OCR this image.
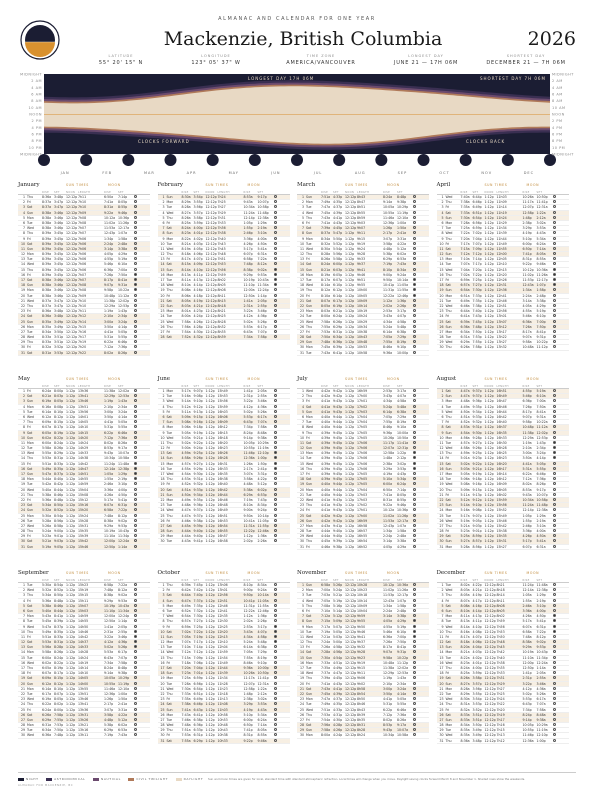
ALMANAC AND CALENDAR FOR ONE YEAR
Mackenzie, British Columbia	2026
LATITUDE
55° 20' 15" N
LONGITUDE
123° 05' 37" W
TIME ZONE
AMERICA/VANCOUVER
LONGEST DAY
JUNE 21 — 17H 06M
SHORTEST DAY
DECEMBER 21 — 7H 06M
MIDNIGHT
2 AM
4 AM
6 AM
8 AM
10 AM
NOON
2 PM
4 PM
6 PM
8 PM
10 PM
MIDNIGHT
MIDNIGHT
2 AM
4 AM
6 AM
8 AM
10 AM
NOON
2 PM
4 PM
6 PM
8 PM
10 PM
MIDNIGHT
JAN	FEB	MAR	APR	MAY	JUN	JUL	AUG	SEP	OCT	NOV	DEC
LONGEST DAY 17H 06M	SHORTEST DAY 7H 06M
CLOCKS FORWARD	CLOCKS BACK
January	SUN TIMES	MOON
RISE SET NOON LENGTH	RISE	SET
1 Thu	8:36a 3:48p 12:12p 7h11	6:50a 7:14p
2 Fri	8:37a 3:47p 12:12p 7h10	7:41a 8:05p
3 Sat	8:37a 3:47p 12:12p 7h10	8:31a 8:55p
4 Sun	8:38a 3:46p 12:12p 7h09	9:22a 9:46p
5 Mon	8:38a 3:46p 12:12p 7h08	10:12a 10:36p
6 Tue	8:38a 3:46p 12:12p 7h08	11:02a 11:26p
7 Wed	8:38a 3:46p 12:12p 7h07	11:53a 12:17a
8 Thu	8:39a 3:45p 12:12p 7h07	12:43p 1:07a
9 Fri	8:39a 3:45p 12:12p 7h06	1:34p 1:58a
10 Sat	8:39a 3:45p 12:12p 7h06	2:24p 2:48a
11 Sun	8:39a 3:45p 12:12p 7h06	3:14p 3:38a
12 Mon	8:39a 3:45p 12:12p 7h06	4:05p 4:29a
13 Tue	8:39a 3:45p 12:12p 7h06	4:55p 5:19a
14 Wed	8:39a 3:45p 12:12p 7h06	5:46p 6:10a
15 Thu	8:39a 3:45p 12:12p 7h06	6:36p 7:00a
16 Fri	8:39a 3:45p 12:12p 7h07	7:26p 7:50a
17 Sat	8:38a 3:46p 12:12p 7h07	8:17p 8:41a
18 Sun	8:38a 3:46p 12:12p 7h08	9:07p 9:31a
19 Mon	8:38a 3:46p 12:12p 7h08	9:58p 10:22a
20 Tue	8:38a 3:46p 12:12p 7h09	10:48p 11:12a
21 Wed	8:37a 3:47p 12:12p 7h10	11:38p 12:02p
22 Thu	8:37a 3:47p 12:12p 7h10	12:29a 12:53p
23 Fri	8:36a 3:48p 12:12p 7h11	1:19a 1:43p
24 Sat	8:36a 3:48p 12:12p 7h12	2:10a 2:34p
25 Sun	8:35a 3:49p 12:12p 7h14	3:00a 3:24p
26 Mon	8:35a 3:49p 12:12p 7h15	3:50a 4:14p
27 Tue	8:34a 3:50p 12:12p 7h16	4:41a 5:05p
28 Wed	8:33a 3:51p 12:12p 7h17	5:31a 5:55p
29 Thu	8:33a 3:51p 12:12p 7h19	6:22a 6:46p
30 Fri	8:32a 3:52p 12:12p 7h20	7:12a 7:36p
31 Sat	8:31a 3:53p 12:12p 7h22	8:02a 8:26p
February	SUN TIMES	MOON
RISE SET NOON LENGTH	RISE	SET
1 Sun	8:30a 3:54p 12:12p 7h24	8:53a 9:17p
2 Mon	8:29a 3:55p 12:12p 7h25	9:43a 10:07p
3 Tue	8:28a 3:56p 12:12p 7h27	10:34a 10:58p
4 Wed	8:27a 3:57p 12:12p 7h29	11:24a 11:48p
5 Thu	8:26a 3:58p 12:12p 7h31	12:14p 12:38a
6 Fri	8:25a 3:59p 12:12p 7h33	1:05p 1:29a
7 Sat	8:24a 4:00p 12:12p 7h36	1:55p 2:19a
8 Sun	8:23a 4:01p 12:12p 7h38	2:46p 3:10a
9 Mon	8:22a 4:02p 12:12p 7h40	3:36p 4:00a
10 Tue	8:21a 4:03p 12:12p 7h43	4:26p 4:50a
11 Wed	8:19a 4:05p 12:12p 7h45	5:17p 5:41a
12 Thu	8:18a 4:06p 12:12p 7h48	6:07p 6:31a
13 Fri	8:17a 4:07p 12:12p 7h51	6:58p 7:22a
14 Sat	8:15a 4:09p 12:12p 7h53	7:48p 8:12a
15 Sun	8:14a 4:10p 12:12p 7h56	8:38p 9:02a
16 Mon	8:13a 4:11p 12:12p 7h59	9:29p 9:53a
17 Tue	8:11a 4:13p 12:12p 8h02	10:19p 10:43a
18 Wed	8:10a 4:14p 12:12p 8h05	11:10p 11:34a
19 Thu	8:08a 4:16p 12:12p 8h08	12:00a 12:24p
20 Fri	8:06a 4:18p 12:12p 8h11	12:50a 1:14p
21 Sat	8:05a 4:19p 12:12p 8h15	1:41a 2:05p
22 Sun	8:03a 4:21p 12:12p 8h18	2:31a 2:55p
23 Mon	8:01a 4:23p 12:12p 8h21	3:22a 3:46p
24 Tue	8:00a 4:24p 12:12p 8h25	4:12a 4:36p
25 Wed	7:58a 4:26p 12:12p 8h28	5:02a 5:26p
26 Thu	7:56a 4:28p 12:12p 8h32	5:53a 6:17p
27 Fri	7:54a 4:30p 12:12p 8h35	6:43a 7:07p
28 Sat	7:52a 4:32p 12:12p 8h39	7:34a 7:58p
March	SUN TIMES	MOON
RISE SET NOON LENGTH	RISE	SET
1 Sun	7:51a 4:33p 12:12p 8h43	8:24a 8:48p
2 Mon	7:49a 4:35p 12:12p 8h47	9:14a 9:38p
3 Tue	7:47a 4:37p 12:12p 8h51	10:05a 10:29p
4 Wed	7:45a 4:39p 12:12p 8h55	10:55a 11:19p
5 Thu	7:43a 4:41p 12:12p 8h59	11:46a 12:10a
6 Fri	7:41a 4:43p 12:12p 9h03	12:36p 1:00a
7 Sat	7:39a 4:45p 12:12p 9h07	1:26p 1:50a
8 Sun	8:37a 5:47p 1:12p 9h11	2:17p 2:41a
9 Mon	8:34a 5:50p 1:12p 9h15	3:07p 3:31a
10 Tue	8:32a 5:52p 1:12p 9h19	3:58p 4:22a
11 Wed	8:30a 5:54p 1:12p 9h24	4:48p 5:12a
12 Thu	8:28a 5:56p 1:12p 9h28	5:38p 6:02a
13 Fri	8:26a 5:58p 1:12p 9h33	6:29p 6:53a
14 Sat	8:24a 6:00p 1:12p 9h37	7:19p 7:43a
15 Sun	8:21a 6:03p 1:12p 9h41	8:10p 8:34a
16 Mon	8:19a 6:05p 1:12p 9h46	9:00p 9:24a
17 Tue	8:17a 6:07p 1:12p 9h51	9:50p 10:14a
18 Wed	8:14a 6:10p 1:12p 9h55	10:41p 11:05a
19 Thu	8:12a 6:12p 1:12p 10h00	11:31p 11:55a
20 Fri	8:10a 6:14p 1:12p 10h05	12:22a 12:46p
21 Sat	8:07a 6:17p 1:12p 10h09	1:12a 1:36p
22 Sun	8:05a 6:19p 1:12p 10h14	2:02a 2:26p
23 Mon	8:03a 6:21p 1:12p 10h19	2:53a 3:17p
24 Tue	8:00a 6:24p 1:12p 10h24	3:43a 4:07p
25 Wed	7:58a 6:26p 1:12p 10h29	4:34a 4:58p
26 Thu	7:55a 6:29p 1:12p 10h34	5:24a 5:48p
27 Fri	7:53a 6:31p 1:12p 10h38	6:14a 6:38p
28 Sat	7:50a 6:34p 1:12p 10h43	7:05a 7:29p
29 Sun	7:48a 6:36p 1:12p 10h48	7:55a 8:19p
30 Mon	7:45a 6:39p 1:12p 10h53	8:46a 9:10p
31 Tue	7:43a 6:41p 1:12p 10h58	9:36a 10:00p
April	SUN TIMES	MOON
RISE SET NOON LENGTH	RISE	SET
1 Wed	7:40a 6:44p 1:12p 11h03	10:26a 10:50p
2 Thu	7:38a 6:46p 1:12p 11h09	11:17a 11:41p
3 Fri	7:35a 6:49p 1:12p 11h14	12:07p 12:31a
4 Sat	7:33a 6:51p 1:12p 11h19	12:58p 1:22a
5 Sun	7:30a 6:54p 1:12p 11h24	1:48p 2:12a
6 Mon	7:28a 6:56p 1:12p 11h29	2:38p 3:02a
7 Tue	7:25a 6:59p 1:12p 11h34	3:29p 3:53a
8 Wed	7:22a 7:02p 1:12p 11h39	4:19p 4:43a
9 Thu	7:20a 7:04p 1:12p 11h44	5:10p 5:34a
10 Fri	7:17a 7:07p 1:12p 11h49	6:00p 6:24a
11 Sat	7:15a 7:09p 1:12p 11h55	6:50p 7:14a
12 Sun	7:12a 7:12p 1:12p 12h00	7:41p 8:05a
13 Mon	7:10a 7:14p 1:12p 12h05	8:31p 8:55a
14 Tue	7:07a 7:17p 1:12p 12h10	9:22p 9:46a
15 Wed	7:04a 7:20p 1:12p 12h15	10:12p 10:36a
16 Thu	7:02a 7:22p 1:12p 12h20	11:02p 11:26a
17 Fri	6:59a 7:25p 1:12p 12h26	11:53p 12:17p
18 Sat	6:57a 7:27p 1:12p 12h31	12:43a 1:07p
19 Sun	6:54a 7:30p 1:12p 12h36	1:34a 1:58p
20 Mon	6:51a 7:33p 1:12p 12h41	2:24a 2:48p
21 Tue	6:49a 7:35p 1:12p 12h46	3:14a 3:38p
22 Wed	6:46a 7:38p 1:12p 12h51	4:05a 4:29p
23 Thu	6:44a 7:40p 1:12p 12h56	4:55a 5:19p
24 Fri	6:41a 7:43p 1:12p 13h01	5:46a 6:10p
25 Sat	6:39a 7:45p 1:12p 13h07	6:36a 7:00p
26 Sun	6:36a 7:48p 1:12p 13h12	7:26a 7:50p
27 Mon	6:34a 7:50p 1:12p 13h17	8:17a 8:41p
28 Tue	6:31a 7:53p 1:12p 13h22	9:07a 9:31p
29 Wed	6:29a 7:55p 1:12p 13h27	9:58a 10:22p
30 Thu	6:26a 7:58p 1:12p 13h32	10:48a 11:12p
May	SUN TIMES	MOON
RISE SET NOON LENGTH	RISE	SET
1 Fri	6:24a 8:00p 1:12p 13h36	11:38a 12:02a
2 Sat	6:21a 8:03p 1:12p 13h41	12:29p 12:53a
3 Sun	6:19a 8:05p 1:12p 13h46	1:19p 1:43a
4 Mon	6:16a 8:08p 1:12p 13h51	2:10p 2:34a
5 Tue	6:14a 8:10p 1:12p 13h56	3:00p 3:24a
6 Wed	6:12a 8:12p 1:12p 14h01	3:50p 4:14a
7 Thu	6:09a 8:15p 1:12p 14h05	4:41p 5:05a
8 Fri	6:07a 8:17p 1:12p 14h10	5:31p 5:55a
9 Sat	6:05a 8:19p 1:12p 14h15	6:22p 6:46a
10 Sun	6:02a 8:22p 1:12p 14h20	7:12p 7:36a
11 Mon	6:00a 8:24p 1:12p 14h24	8:02p 8:26a
12 Tue	5:58a 8:26p 1:12p 14h29	8:53p 9:17a
13 Wed	5:55a 8:29p 1:12p 14h33	9:43p 10:07a
14 Thu	5:53a 8:31p 1:12p 14h38	10:34p 10:58a
15 Fri	5:51a 8:33p 1:12p 14h42	11:24p 11:48a
16 Sat	5:49a 8:35p 1:12p 14h47	12:14a 12:38p
17 Sun	5:47a 8:37p 1:12p 14h51	1:05a 1:29p
18 Mon	5:44a 8:40p 1:12p 14h55	1:55a 2:19p
19 Tue	5:42a 8:42p 1:12p 14h59	2:46a 3:10p
20 Wed	5:40a 8:44p 1:12p 15h04	3:36a 4:00p
21 Thu	5:38a 8:46p 1:12p 15h08	4:26a 4:50p
22 Fri	5:36a 8:48p 1:12p 15h12	5:17a 5:41p
23 Sat	5:34a 8:50p 1:12p 15h16	6:07a 6:31p
24 Sun	5:32a 8:52p 1:12p 15h20	6:58a 7:22p
25 Mon	5:30a 8:54p 1:12p 15h24	7:48a 8:12p
26 Tue	5:28a 8:56p 1:12p 15h28	8:38a 9:02p
27 Wed	5:26a 8:58p 1:12p 15h31	9:29a 9:53p
28 Thu	5:24a 9:00p 1:12p 15h35	10:19a 10:43p
29 Fri	5:23a 9:01p 1:12p 15h39	11:10a 11:34p
30 Sat	5:21a 9:03p 1:12p 15h42	12:00p 12:24a
31 Sun	5:19a 9:05p 1:12p 15h46	12:50p 1:14a
June	SUN TIMES	MOON
RISE SET NOON LENGTH	RISE	SET
1 Mon	5:17a 9:07p 1:12p 15h49	1:41p 2:05a
2 Tue	5:16a 9:08p 1:12p 15h53	2:31p 2:55a
3 Wed	5:14a 9:10p 1:12p 15h56	3:22p 3:46a
4 Thu	5:12a 9:12p 1:12p 15h59	4:12p 4:36a
5 Fri	5:11a 9:13p 1:12p 16h03	5:02p 5:26a
6 Sat	5:09a 9:15p 1:12p 16h06	5:53p 6:17a
7 Sun	5:08a 9:16p 1:12p 16h09	6:43p 7:07a
8 Mon	5:06a 9:18p 1:12p 16h12	7:34p 7:58a
9 Tue	5:05a 9:19p 1:12p 16h15	8:24p 8:48a
10 Wed	5:03a 9:21p 1:12p 16h18	9:14p 9:38a
11 Thu	5:02a 9:22p 1:12p 16h20	10:05p 10:29a
12 Fri	5:00a 9:24p 1:12p 16h23	10:55p 11:19a
13 Sat	4:59a 9:25p 1:12p 16h26	11:46p 12:10p
14 Sun	4:58a 9:26p 1:12p 16h28	12:36a 1:00p
15 Mon	4:57a 9:27p 1:12p 16h31	1:26a 1:50p
16 Tue	4:55a 9:29p 1:12p 16h33	2:17a 2:41p
17 Wed	4:54a 9:30p 1:12p 16h35	3:07a 3:31p
18 Thu	4:53a 9:31p 1:12p 16h38	3:58a 4:22p
19 Fri	4:52a 9:32p 1:12p 16h40	4:48a 5:12p
20 Sat	4:51a 9:33p 1:12p 16h42	5:38a 6:02p
21 Sun	4:50a 9:34p 1:12p 16h44	6:29a 6:53p
22 Mon	4:49a 9:35p 1:12p 16h46	7:19a 7:43p
23 Tue	4:48a 9:36p 1:12p 16h48	8:10a 8:34p
24 Wed	4:47a 9:37p 1:12p 16h49	9:00a 9:24p
25 Thu	4:47a 9:37p 1:12p 16h51	9:50a 10:14p
26 Fri	4:46a 9:38p 1:12p 16h53	10:41a 11:05p
27 Sat	4:45a 9:39p 1:12p 16h54	11:31a 11:55p
28 Sun	4:44a 9:40p 1:12p 16h55	12:22p 12:46a
29 Mon	4:44a 9:40p 1:12p 16h57	1:12p 1:36a
30 Tue	4:43a 9:41p 1:12p 16h58	2:02p 2:26a
July	SUN TIMES	MOON
RISE SET NOON LENGTH	RISE	SET
1 Wed	4:42a 9:42p 1:12p 16h59	2:53p 3:17a
2 Thu	4:42a 9:42p 1:12p 17h00	3:43p 4:07a
3 Fri	4:41a 9:43p 1:12p 17h01	4:34p 4:58a
4 Sat	4:41a 9:43p 1:12p 17h02	5:24p 5:48a
5 Sun	4:41a 9:43p 1:12p 17h03	6:14p 6:38a
6 Mon	4:40a 9:44p 1:12p 17h04	7:05p 7:29a
7 Tue	4:40a 9:44p 1:12p 17h04	7:55p 8:19a
8 Wed	4:40a 9:44p 1:12p 17h05	8:46p 9:10a
9 Thu	4:39a 9:45p 1:12p 17h05	9:36p 10:00a
10 Fri	4:39a 9:45p 1:12p 17h05	10:26p 10:50a
11 Sat	4:39a 9:45p 1:12p 17h06	11:17p 11:41a
12 Sun	4:39a 9:45p 1:12p 17h06	12:07a 12:31p
13 Mon	4:39a 9:45p 1:12p 17h06	12:58a 1:22p
14 Tue	4:39a 9:45p 1:12p 17h06	1:48a 2:12p
15 Wed	4:39a 9:45p 1:12p 17h06	2:38a 3:02p
16 Thu	4:39a 9:45p 1:12p 17h06	3:29a 3:53p
17 Fri	4:39a 9:45p 1:12p 17h05	4:19a 4:43p
18 Sat	4:39a 9:45p 1:12p 17h05	5:10a 5:34p
19 Sun	4:40a 9:44p 1:12p 17h05	6:00a 6:24p
20 Mon	4:40a 9:44p 1:12p 17h04	6:50a 7:14p
21 Tue	4:40a 9:44p 1:12p 17h03	7:41a 8:05p
22 Wed	4:41a 9:43p 1:12p 17h03	8:31a 8:55p
23 Thu	4:41a 9:43p 1:12p 17h02	9:22a 9:46p
24 Fri	4:41a 9:43p 1:12p 17h01	10:12a 10:36p
25 Sat	4:42a 9:42p 1:12p 17h00	11:02a 11:26p
26 Sun	4:42a 9:42p 1:12p 16h59	11:53a 12:17a
27 Mon	4:43a 9:41p 1:12p 16h58	12:43p 1:07a
28 Tue	4:44a 9:40p 1:12p 16h57	1:34p 1:58a
29 Wed	4:44a 9:40p 1:12p 16h55	2:24p 2:48a
30 Thu	4:45a 9:39p 1:12p 16h54	3:14p 3:38a
31 Fri	4:46a 9:38p 1:12p 16h52	4:05p 4:29a
August	SUN TIMES	MOON
RISE SET NOON LENGTH	RISE	SET
1 Sat	4:47a 9:37p 1:12p 16h51	4:55p 5:19a
2 Sun	4:47a 9:37p 1:12p 16h49	5:46p 6:10a
3 Mon	4:48a 9:36p 1:12p 16h47	6:36p 7:00a
4 Tue	4:49a 9:35p 1:12p 16h46	7:26p 7:50a
5 Wed	4:50a 9:34p 1:12p 16h44	8:17p 8:41a
6 Thu	4:51a 9:33p 1:12p 16h42	9:07p 9:31a
7 Fri	4:52a 9:32p 1:12p 16h40	9:58p 10:22a
8 Sat	4:53a 9:31p 1:12p 16h37	10:48p 11:12a
9 Sun	4:54a 9:30p 1:12p 16h35	11:38p 12:02p
10 Mon	4:56a 9:28p 1:12p 16h33	12:29a 12:53p
11 Tue	4:57a 9:27p 1:12p 16h30	1:19a 1:43p
12 Wed	4:58a 9:26p 1:12p 16h28	2:10a 2:34p
13 Thu	4:59a 9:25p 1:12p 16h25	3:00a 3:24p
14 Fri	5:01a 9:23p 1:12p 16h23	3:50a 4:14p
15 Sat	5:02a 9:22p 1:12p 16h20	4:41a 5:05p
16 Sun	5:03a 9:21p 1:12p 16h17	5:31a 5:55p
17 Mon	5:05a 9:19p 1:12p 16h14	6:22a 6:46p
18 Tue	5:06a 9:18p 1:12p 16h12	7:12a 7:36p
19 Wed	5:08a 9:16p 1:12p 16h09	8:02a 8:26p
20 Thu	5:09a 9:15p 1:12p 16h05	8:53a 9:17p
21 Fri	5:11a 9:13p 1:12p 16h02	9:43a 10:07p
22 Sat	5:12a 9:12p 1:12p 15h59	10:34a 10:58p
23 Sun	5:14a 9:10p 1:12p 15h56	11:24a 11:48p
24 Mon	5:16a 9:08p 1:12p 15h52	12:14p 12:38a
25 Tue	5:17a 9:07p 1:12p 15h49	1:05p 1:29a
26 Wed	5:19a 9:05p 1:12p 15h46	1:55p 2:19a
27 Thu	5:21a 9:03p 1:12p 15h42	2:46p 3:10a
28 Fri	5:23a 9:01p 1:12p 15h38	3:36p 4:00a
29 Sat	5:25a 8:59p 1:12p 15h35	4:26p 4:50a
30 Sun	5:27a 8:57p 1:12p 15h31	5:17p 5:41a
31 Mon	5:28a 8:56p 1:12p 15h27	6:07p 6:31a
September	SUN TIMES	MOON
RISE SET NOON LENGTH	RISE	SET
1 Tue	5:30a 8:54p 1:12p 15h23	6:58p 7:22a
2 Wed	5:32a 8:52p 1:12p 15h19	7:48p 8:12a
3 Thu	5:34a 8:50p 1:12p 15h15	8:38p 9:02a
4 Fri	5:36a 8:48p 1:12p 15h11	9:29p 9:53a
5 Sat	5:38a 8:46p 1:12p 15h07	10:19p 10:43a
6 Sun	5:40a 8:44p 1:12p 15h03	11:10p 11:34a
7 Mon	5:43a 8:41p 1:12p 14h59	12:00a 12:24p
8 Tue	5:45a 8:39p 1:12p 14h55	12:50a 1:14p
9 Wed	5:47a 8:37p 1:12p 14h50	1:41a 2:05p
10 Thu	5:49a 8:35p 1:12p 14h46	2:31a 2:55p
11 Fri	5:51a 8:33p 1:12p 14h42	3:22a 3:46p
12 Sat	5:53a 8:31p 1:12p 14h37	4:12a 4:36p
13 Sun	5:56a 8:28p 1:12p 14h33	5:02a 5:26p
14 Mon	5:58a 8:26p 1:12p 14h28	5:53a 6:17p
15 Tue	6:00a 8:24p 1:12p 14h24	6:43a 7:07p
16 Wed	6:02a 8:22p 1:12p 14h19	7:34a 7:58p
17 Thu	6:05a 8:19p 1:12p 14h14	8:24a 8:48p
18 Fri	6:07a 8:17p 1:12p 14h10	9:14a 9:38p
19 Sat	6:09a 8:15p 1:12p 14h05	10:05a 10:29p
20 Sun	6:12a 8:12p 1:12p 14h00	10:55a 11:19p
21 Mon	6:14a 8:10p 1:12p 13h55	11:46a 12:10a
22 Tue	6:17a 8:07p 1:12p 13h51	12:36p 1:00a
23 Wed	6:19a 8:05p 1:12p 13h46	1:26p 1:50a
24 Thu	6:22a 8:02p 1:12p 13h41	2:17p 2:41a
25 Fri	6:24a 8:00p 1:12p 13h36	3:07p 3:31a
26 Sat	6:26a 7:58p 1:12p 13h31	3:58p 4:22a
27 Sun	6:29a 7:55p 1:12p 13h26	4:48p 5:12a
28 Mon	6:31a 7:53p 1:12p 13h21	5:38p 6:02a
29 Tue	6:34a 7:50p 1:12p 13h16	6:29p 6:53a
30 Wed	6:36a 7:48p 1:12p 13h11	7:19p 7:43a
October	SUN TIMES	MOON
RISE SET NOON LENGTH	RISE	SET
1 Thu	6:39a 7:45p 1:12p 13h06	8:10p 8:34a
2 Fri	6:42a 7:42p 1:12p 13h01	9:00p 9:24a
3 Sat	6:44a 7:40p 1:12p 12h56	9:50p 10:14a
4 Sun	6:47a 7:37p 1:12p 12h51	10:41p 11:05a
5 Mon	6:49a 7:35p 1:12p 12h46	11:31p 11:55a
6 Tue	6:52a 7:32p 1:12p 12h41	12:22a 12:46p
7 Wed	6:54a 7:30p 1:12p 12h35	1:12a 1:36p
8 Thu	6:57a 7:27p 1:12p 12h30	2:02a 2:26p
9 Fri	6:59a 7:25p 1:12p 12h25	2:53a 3:17p
10 Sat	7:02a 7:22p 1:12p 12h20	3:43a 4:07p
11 Sun	7:05a 7:19p 1:12p 12h15	4:34a 4:58p
12 Mon	7:07a 7:17p 1:12p 12h10	5:24a 5:48p
13 Tue	7:10a 7:14p 1:12p 12h04	6:14a 6:38p
14 Wed	7:12a 7:12p 1:12p 11h59	7:05a 7:29p
15 Thu	7:15a 7:09p 1:12p 11h54	7:55a 8:19p
16 Fri	7:18a 7:06p 1:12p 11h49	8:46a 9:10p
17 Sat	7:20a 7:04p 1:12p 11h44	9:36a 10:00p
18 Sun	7:23a 7:01p 1:12p 11h39	10:26a 10:50p
19 Mon	7:25a 6:59p 1:12p 11h34	11:17a 11:41p
20 Tue	7:28a 6:56p 1:12p 11h28	12:07p 12:31a
21 Wed	7:30a 6:54p 1:12p 11h23	12:58p 1:22a
22 Thu	7:33a 6:51p 1:12p 11h18	1:48p 2:12a
23 Fri	7:35a 6:49p 1:12p 11h13	2:38p 3:02a
24 Sat	7:38a 6:46p 1:12p 11h08	3:29p 3:53a
25 Sun	7:41a 6:43p 1:12p 11h03	4:19p 4:43a
26 Mon	7:43a 6:41p 1:12p 10h58	5:10p 5:34a
27 Tue	7:46a 6:38p 1:12p 10h53	6:00p 6:24a
28 Wed	7:48a 6:36p 1:12p 10h48	6:50p 7:14a
29 Thu	7:51a 6:33p 1:12p 10h43	7:41p 8:05a
30 Fri	7:53a 6:31p 1:12p 10h38	8:31p 8:55a
31 Sat	7:55a 6:29p 1:12p 10h33	9:22p 9:46a
November	SUN TIMES	MOON
RISE SET NOON LENGTH	RISE	SET
1 Sun	6:58a 5:26p 12:12p 10h28	10:12p 10:36a
2 Mon	7:00a 5:24p 12:12p 10h23	11:02p 11:26a
3 Tue	7:03a 5:21p 12:12p 10h18	11:53p 12:17p
4 Wed	7:05a 5:19p 12:12p 10h14	12:43a 1:07p
5 Thu	7:08a 5:16p 12:12p 10h09	1:34a 1:58p
6 Fri	7:10a 5:14p 12:12p 10h04	2:24a 2:48p
7 Sat	7:12a 5:12p 12:12p 9h59	3:14a 3:38p
8 Sun	7:15a 5:09p 12:12p 9h55	4:05a 4:29p
9 Mon	7:17a 5:07p 12:12p 9h50	4:55a 5:19p
10 Tue	7:19a 5:05p 12:12p 9h46	5:46a 6:10p
11 Wed	7:21a 5:03p 12:12p 9h41	6:36a 7:00p
12 Thu	7:24a 5:00p 12:12p 9h37	7:26a 7:50p
13 Fri	7:26a 4:58p 12:12p 9h32	8:17a 8:41p
14 Sat	7:28a 4:56p 12:12p 9h28	9:07a 9:31p
15 Sun	7:30a 4:54p 12:12p 9h23	9:58a 10:22p
16 Mon	7:33a 4:51p 12:12p 9h19	10:48a 11:12p
17 Tue	7:35a 4:49p 12:12p 9h15	11:38a 12:02a
18 Wed	7:37a 4:47p 12:12p 9h11	12:29p 12:53a
19 Thu	7:39a 4:45p 12:12p 9h06	1:19p 1:43a
20 Fri	7:41a 4:43p 12:12p 9h02	2:10p 2:34a
21 Sat	7:43a 4:41p 12:12p 8h58	3:00p 3:24a
22 Sun	7:45a 4:39p 12:12p 8h54	3:50p 4:14a
23 Mon	7:47a 4:37p 12:12p 8h50	4:41p 5:05a
24 Tue	7:49a 4:35p 12:12p 8h46	5:31p 5:55a
25 Wed	7:51a 4:33p 12:12p 8h43	6:22p 6:46a
26 Thu	7:53a 4:31p 12:12p 8h39	7:12p 7:36a
27 Fri	7:54a 4:30p 12:12p 8h35	8:02p 8:26a
28 Sat	7:56a 4:28p 12:12p 8h31	8:53p 9:17a
29 Sun	7:58a 4:26p 12:12p 8h28	9:43p 10:07a
30 Mon	8:00a 4:24p 12:12p 8h24	10:34p 10:58a
December	SUN TIMES	MOON
RISE SET NOON LENGTH	RISE	SET
1 Tue	8:02a 4:22p 12:12p 8h21	11:24p 11:48a
2 Wed	8:03a 4:21p 12:12p 8h18	12:14a 12:38p
3 Thu	8:05a 4:19p 12:12p 8h14	1:05a 1:29p
4 Fri	8:07a 4:17p 12:12p 8h11	1:55a 2:19p
5 Sat	8:08a 4:16p 12:12p 8h08	2:46a 3:10p
6 Sun	8:10a 4:14p 12:12p 8h05	3:36a 4:00p
7 Mon	8:11a 4:13p 12:12p 8h02	4:26a 4:50p
8 Tue	8:13a 4:11p 12:12p 7h59	5:17a 5:41p
9 Wed	8:14a 4:10p 12:12p 7h56	6:07a 6:31p
10 Thu	8:16a 4:08p 12:12p 7h53	6:58a 7:22p
11 Fri	8:17a 4:07p 12:12p 7h50	7:48a 8:12p
12 Sat	8:18a 4:06p 12:12p 7h48	8:38a 9:02p
13 Sun	8:20a 4:04p 12:12p 7h45	9:29a 9:53p
14 Mon	8:21a 4:03p 12:12p 7h42	10:19a 10:43p
15 Tue	8:22a 4:02p 12:12p 7h40	11:10a 11:34p
16 Wed	8:23a 4:01p 12:12p 7h38	12:00p 12:24a
17 Thu	8:24a 4:00p 12:12p 7h35	12:50p 1:14a
18 Fri	8:25a 3:59p 12:12p 7h33	1:41p 2:05a
19 Sat	8:26a 3:58p 12:12p 7h31	2:31p 2:55a
20 Sun	8:27a 3:57p 12:12p 7h29	3:22p 3:46a
21 Mon	8:28a 3:56p 12:12p 7h27	4:12p 4:36a
22 Tue	8:29a 3:55p 12:12p 7h25	5:02p 5:26a
23 Wed	8:30a 3:54p 12:12p 7h24	5:53p 6:17a
24 Thu	8:31a 3:53p 12:12p 7h22	6:43p 7:07a
25 Fri	8:32a 3:52p 12:12p 7h20	7:34p 7:58a
26 Sat	8:33a 3:51p 12:12p 7h19	8:24p 8:48a
27 Sun	8:33a 3:51p 12:12p 7h17	9:14p 9:38a
28 Mon	8:34a 3:50p 12:12p 7h16	10:05p 10:29a
29 Tue	8:35a 3:49p 12:12p 7h15	10:55p 11:19a
30 Wed	8:35a 3:49p 12:12p 7h13	11:46p 12:10p
31 Thu	8:36a 3:48p 12:12p 7h12	12:36a 1:00p
NIGHT	ASTRONOMICAL	NAUTICAL	CIVIL TWILIGHT	DAYLIGHT
ALMANAC FOR MACKENZIE, BC
Sun and moon times are given for local, standard time with standard atmospheric refraction. Local times will change when you move. Daylight saving clocks forward March 8 and November 1. Shaded rows show the weekends.
